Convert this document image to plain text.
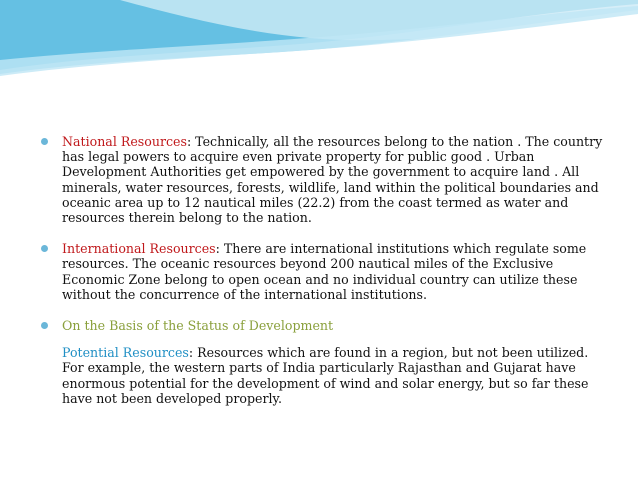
National Resources: Technically, all the resources belong to the nation . The country has legal powers to acquire even private property for public good . Urban Development Authorities get empowered by the government to acquire land . All minerals, water resources, forests, wildlife, land within the political boundaries and oceanic area up to 12 nautical miles (22.2) from the coast termed as water and resources therein belong to the nation.

International Resources: There are international institutions which regulate some resources. The oceanic resources beyond 200 nautical miles of the Exclusive Economic Zone belong to open ocean and no individual country can utilize these without the concurrence of the international institutions.

On the Basis of the Status of Development

Potential Resources: Resources which are found in a region, but not been utilized. For example, the western parts of India particularly Rajasthan and Gujarat have enormous potential for the development of wind and solar energy, but so far these have not been developed properly.
